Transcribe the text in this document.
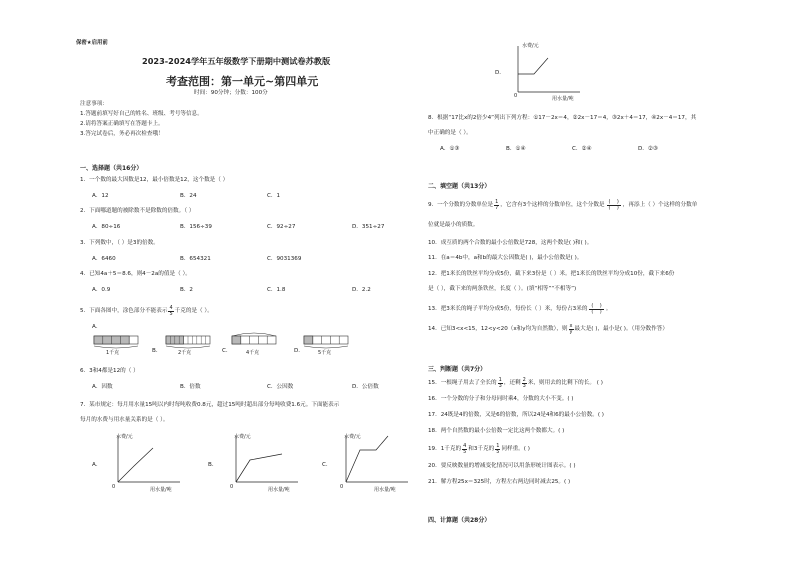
保密★启用前
2023-2024学年五年级数学下册期中测试卷苏教版
考查范围：第一单元~第四单元
时间：90分钟；分数：100分
注意事项：
1.答题前填写好自己的姓名、班级、考号等信息。
2.请将答案正确填写在答题卡上。
3.答完试卷后，务必再次检查哦！
一、选择题（共16分）
1．一个数的最大因数是12，最小倍数是12，这个数是（ ）
A．12	B．24	C．1
2．下面哪道题的被除数不是除数的倍数。（ ）
A．80÷16	B．156÷39	C．92÷27	D．351÷27
3．下列数中，（ ）是3的倍数。
A．6460	B．654321	C．9031369
4．已知4a＋5＝8.6，则4－2a的值是（ ）。
A．0.9	B．2	C．1.8	D．2.2
5．下面各图中，涂色部分不能表示 $\frac{4}{5}$ 千克的是（ ）。
A．
1千克	B．	2千克	C．	4千克	D．	5千克
6．3和4都是12的（ ）
A．因数	B．倍数	C．公因数	D．公倍数
7．某市规定：每月用水量15吨以内时每吨收费0.8元，超过15吨时超出部分每吨收费1.6元。下面能表示
每月的水费与用水量关系的是（ ）。
A．
水费/元
用水量/吨
0
B．
水费/元
用水量/吨
0
C．
水费/元
用水量/吨
0
D．
水费/元
用水量/吨
0
8．根据“17比x的2倍少4”列出下列方程：①17－2x＝4，②2x－17＝4，③2x＋4＝17，④2x－4＝17，其
中正确的是（ ）。
A．①③	B．①④	C．②④	D．②③
二、填空题（共13分）
9．一个分数的分数单位是 $\frac{1}{7}$ ，它含有3个这样的分数单位，这个分数是 (    )
(    ) ，再添上（ ）个这样的分数单
位就是最小的质数。
10．成互质的两个合数的最小公倍数是728，这两个数是( )和( )。
11．在a＝4b中，a和b的最大公因数是( )，最小公倍数是( )。
12．把1米长的铁丝平均分成5份，截下来3份是（ ）米。把1米长的铁丝平均分成10份，截下来6份
是（ ），截下来的两条铁丝，长度（ ）。(填“相等”“不相等”)
13．把3米长的绳子平均分成5份，每份长（ ）米，每份占3米的 (    )
(    ) 。
14．已知3<x<15，12<y<20（x和y均为自然数），则 $\frac{x}{y}$ 最大是( )，最小是( )。（用分数作答）
三、判断题（共7分）
15．一根绳子用去了全长的 $\frac{1}{3}$ ，还剩 $\frac{2}{3}$ 米，则用去的比剩下的长。 ( )
16．一个分数的分子和分母同时乘4，分数的大小不变。( )
17．24既是4的倍数，又是6的倍数，所以24是4和6的最小公倍数。( )
18．两个自然数的最小公倍数一定比这两个数都大。( )
19．1千克的 $\frac{4}{5}$ 和3千克的 $\frac{1}{5}$ 同样重。( )
20．要反映数量的增减变化情况可以用条形统计图表示。( )
21．解方程25x＝325时，方程左右两边同时减去25。( )
四、计算题（共28分）
